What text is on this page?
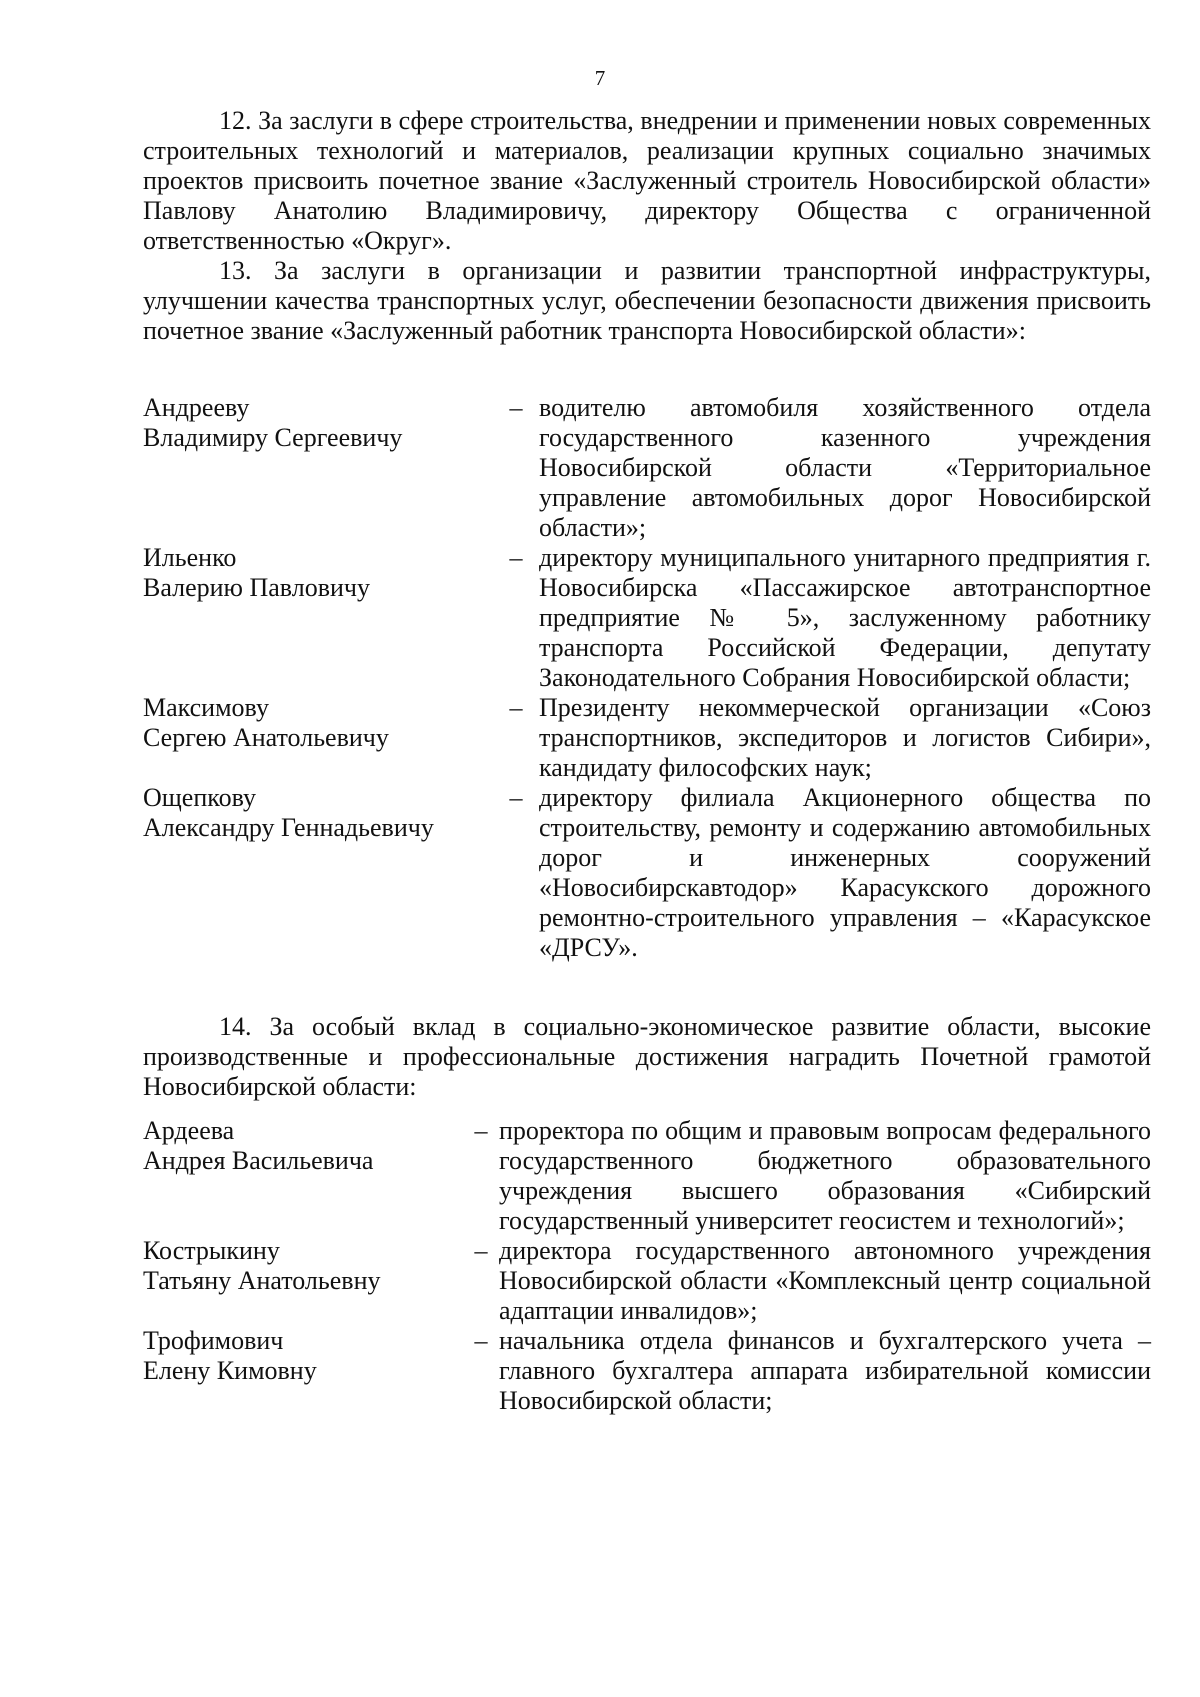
7

12. За заслуги в сфере строительства, внедрении и применении новых современных строительных технологий и материалов, реализации крупных социально значимых проектов присвоить почетное звание «Заслуженный строитель Новосибирской области» Павлову Анатолию Владимировичу, директору Общества с ограниченной ответственностью «Округ».

13. За заслуги в организации и развитии транспортной инфраструктуры, улучшении качества транспортных услуг, обеспечении безопасности движения присвоить почетное звание «Заслуженный работник транспорта Новосибирской области»:

Андрееву
Владимиру Сергеевичу
– водителю автомобиля хозяйственного отдела государственного казенного учреждения Новосибирской области «Территориальное управление автомобильных дорог Новосибирской области»;
Ильенко
Валерию Павловичу
– директору муниципального унитарного предприятия г. Новосибирска «Пассажирское автотранспортное предприятие № 5», заслуженному работнику транспорта Российской Федерации, депутату Законодательного Собрания Новосибирской области;
Максимову
Сергею Анатольевичу
– Президенту некоммерческой организации «Союз транспортников, экспедиторов и логистов Сибири», кандидату философских наук;
Ощепкову
Александру Геннадьевичу
– директору филиала Акционерного общества по строительству, ремонту и содержанию автомобильных дорог и инженерных сооружений «Новосибирскавтодор» Карасукского дорожного ремонтно-строительного управления – «Карасукское «ДРСУ».

14. За особый вклад в социально-экономическое развитие области, высокие производственные и профессиональные достижения наградить Почетной грамотой Новосибирской области:

Ардеева
Андрея Васильевича
– проректора по общим и правовым вопросам федерального государственного бюджетного образовательного учреждения высшего образования «Сибирский государственный университет геосистем и технологий»;
Кострыкину
Татьяну Анатольевну
– директора государственного автономного учреждения Новосибирской области «Комплексный центр социальной адаптации инвалидов»;
Трофимович
Елену Кимовну
– начальника отдела финансов и бухгалтерского учета – главного бухгалтера аппарата избирательной комиссии Новосибирской области;
